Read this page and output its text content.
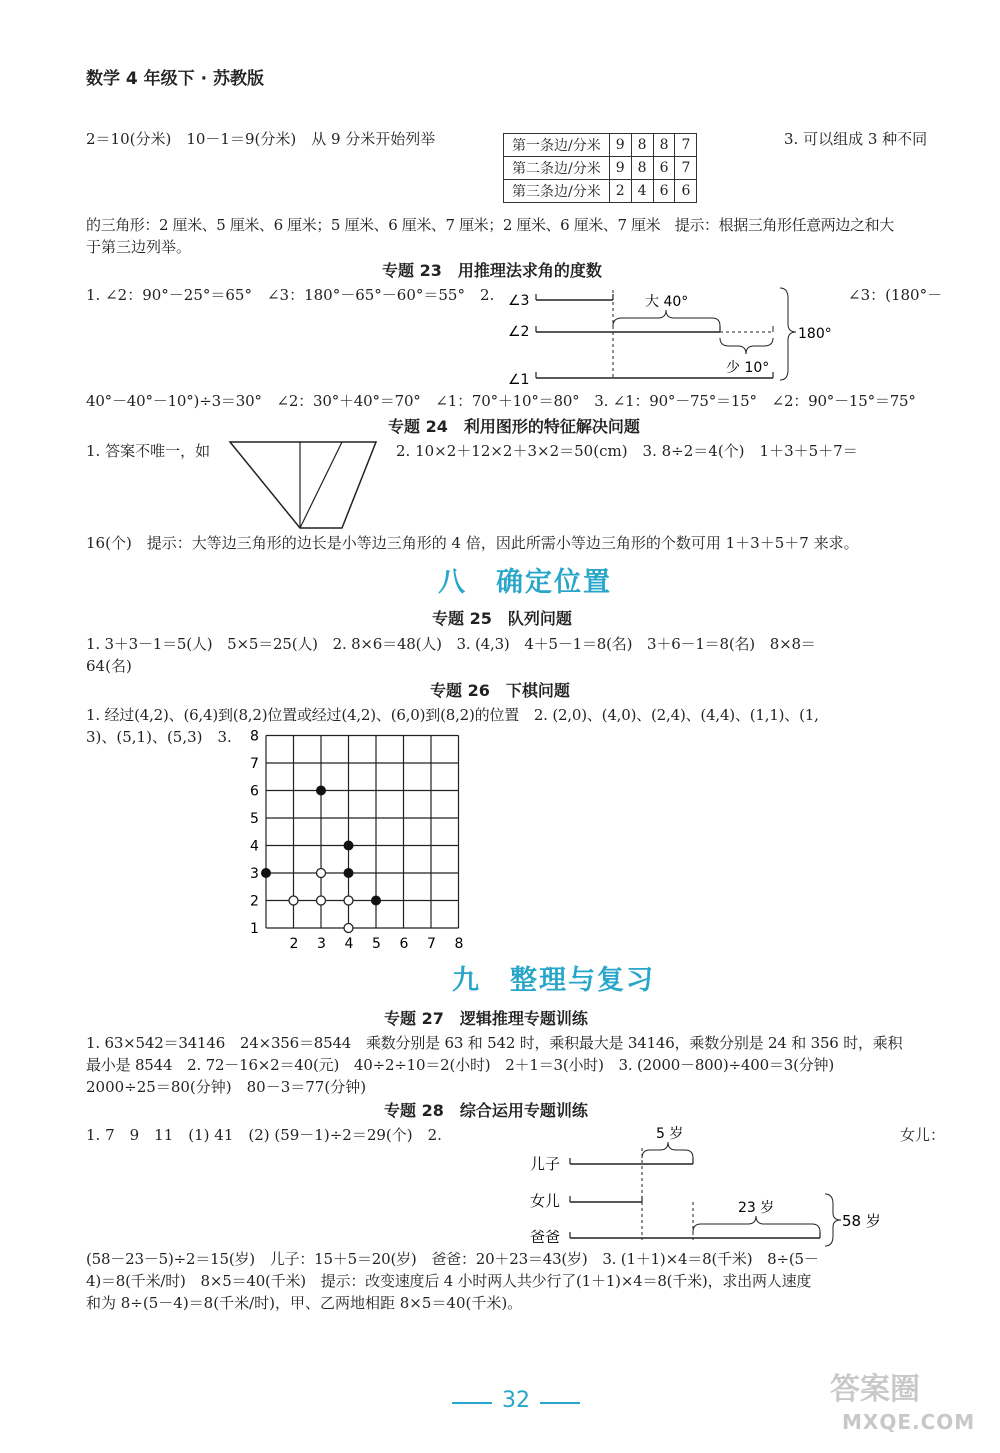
数学 4 年级下 · 苏教版
2＝10(分米)　10－1＝9(分米)　从 9 分米开始列举	第一条边/分米	9	8	8	7
第二条边/分米	9	8	6	7
第三条边/分米	2	4	6	6
3. 可以组成 3 种不同
的三角形：2 厘米、5 厘米、6 厘米；5 厘米、6 厘米、7 厘米；2 厘米、6 厘米、7 厘米　提示：根据三角形任意两边之和大
于第三边列举。
专题 23　用推理法求角的度数
1. ∠2：90°－25°＝65°　∠3：180°－65°－60°＝55° 2.	∠3：(180°－
∠3
∠2
∠1
大 40°
少 10°
180°
40°－40°－10°)÷3＝30°　∠2：30°＋40°＝70°　∠1：70°＋10°＝80°　3. ∠1：90°－75°＝15°　∠2：90°－15°＝75°
专题 24　利用图形的特征解决问题
1. 答案不唯一，如	2. 10×2＋12×2＋3×2＝50(cm)　3. 8÷2＝4(个)　1＋3＋5＋7＝
16(个)　提示：大等边三角形的边长是小等边三角形的 4 倍，因此所需小等边三角形的个数可用 1＋3＋5＋7 来求。
八　确定位置
专题 25　队列问题
1. 3＋3－1＝5(人)　5×5＝25(人)　2. 8×6＝48(人)　3. (4,3)　4＋5－1＝8(名)　3＋6－1＝8(名)　8×8＝
64(名)
专题 26　下棋问题
1. 经过(4,2)、(6,4)到(8,2)位置或经过(4,2)、(6,0)到(8,2)的位置　2. (2,0)、(4,0)、(2,4)、(4,4)、(1,1)、(1,
3)、(5,1)、(5,3)　3.
1
2
3
4
5
6
7
8
2 3 4 5 6 7 8
九　整理与复习
专题 27　逻辑推理专题训练
1. 63×542＝34146　24×356＝8544　乘数分别是 63 和 542 时，乘积最大是 34146，乘数分别是 24 和 356 时，乘积
最小是 8544　2. 72－16×2＝40(元)　40÷2÷10＝2(小时)　2＋1＝3(小时)　3. (2000－800)÷400＝3(分钟)
2000÷25＝80(分钟)　80－3＝77(分钟)
专题 28　综合运用专题训练
1. 7　9　11　(1) 41　(2) (59－1)÷2＝29(个)　2.	女儿：
儿子
女儿
爸爸
5 岁
23 岁
58 岁
(58－23－5)÷2＝15(岁)　儿子：15＋5＝20(岁)　爸爸：20＋23＝43(岁)　3. (1＋1)×4＝8(千米)　8÷(5－
4)＝8(千米/时)　8×5＝40(千米)　提示：改变速度后 4 小时两人共少行了(1＋1)×4＝8(千米)，求出两人速度
和为 8÷(5－4)＝8(千米/时)，甲、乙两地相距 8×5＝40(千米)。
32	答案圈
MXQE.COM
